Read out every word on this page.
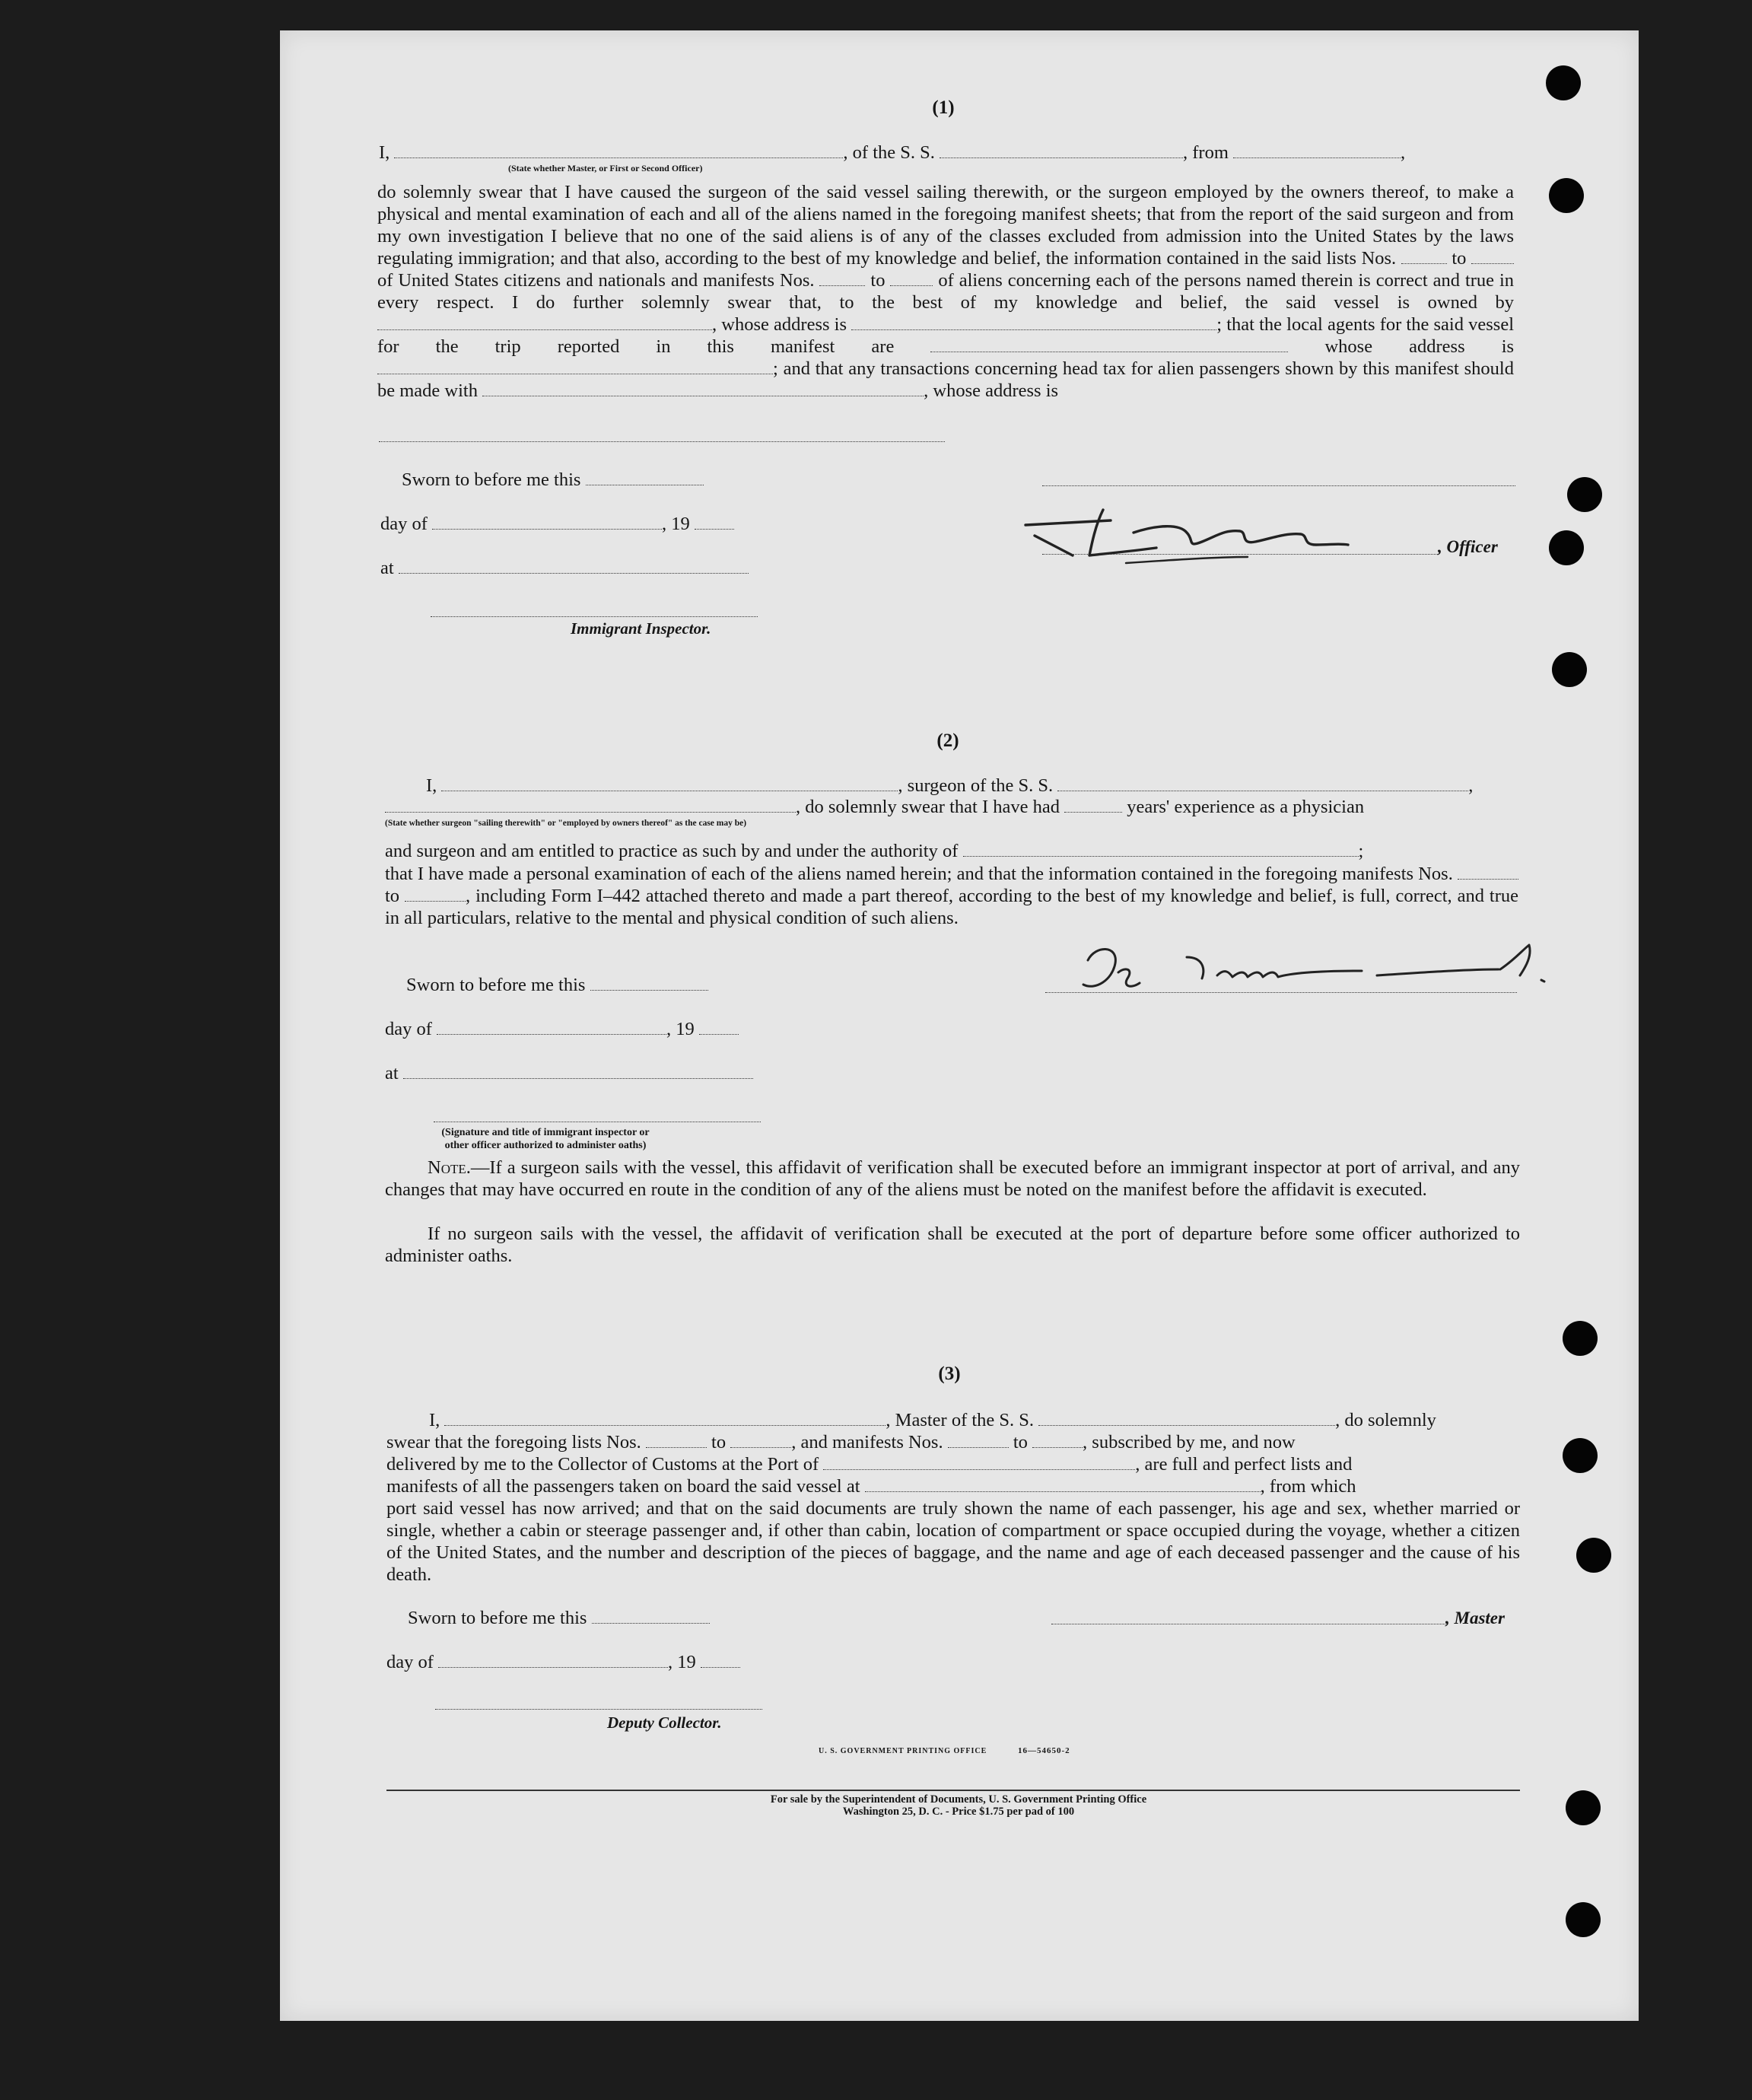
(1)
I,	, of the S. S.	, from	,
(State whether Master, or First or Second Officer)
do solemnly swear that I have caused the surgeon of the said vessel sailing therewith, or the surgeon employed by the owners thereof, to make a physical and mental examination of each and all of the aliens named in the foregoing manifest sheets; that from the report of the said surgeon and from my own investigation I believe that no one of the said aliens is of any of the classes excluded from admission into the United States by the laws regulating immigration; and that also, according to the best of my knowledge and belief, the information contained in the said lists Nos.	to  of United States citizens and nationals and manifests Nos.	to	of aliens concerning each of the persons named therein is correct and true in every respect. I do further solemnly swear that, to the best of my knowledge and belief, the said vessel is owned by , whose address is	; that the local agents for the said vessel for the trip reported in this manifest are	whose address is ; and that any transactions concerning head tax for alien passengers shown by this manifest should be made with	, whose address is
Sworn to before me this
day of	, 19
at
Immigrant Inspector.
, Officer
(2)
I,	, surgeon of the S. S.	,
, do solemnly swear that I have had	years' experience as a physician
(State whether surgeon "sailing therewith" or "employed by owners thereof" as the case may be)
and surgeon and am entitled to practice as such by and under the authority of	;
that I have made a personal examination of each of the aliens named herein; and that the information contained in the foregoing manifests Nos.  to	, including Form I–442 attached thereto and made a part thereof, according to the best of my knowledge and belief, is full, correct, and true in all particulars, relative to the mental and physical condition of such aliens.
Sworn to before me this
day of	, 19
at
(Signature and title of immigrant inspector or other officer authorized to administer oaths)
Note.—If a surgeon sails with the vessel, this affidavit of verification shall be executed before an immigrant inspector at port of arrival, and any changes that may have occurred en route in the condition of any of the aliens must be noted on the manifest before the affidavit is executed.
If no surgeon sails with the vessel, the affidavit of verification shall be executed at the port of departure before some officer authorized to administer oaths.
(3)
I,	, Master of the S. S.	, do solemnly
swear that the foregoing lists Nos.	to	, and manifests Nos.	to	, subscribed by me, and now
delivered by me to the Collector of Customs at the Port of	, are full and perfect lists and
manifests of all the passengers taken on board the said vessel at	, from which
port said vessel has now arrived; and that on the said documents are truly shown the name of each passenger, his age and sex, whether married or single, whether a cabin or steerage passenger and, if other than cabin, location of compartment or space occupied during the voyage, whether a citizen of the United States, and the number and description of the pieces of baggage, and the name and age of each deceased passenger and the cause of his death.
Sworn to before me this	, Master
day of	, 19
Deputy Collector.
U. S. GOVERNMENT PRINTING OFFICE	16—54650-2
For sale by the Superintendent of Documents, U. S. Government Printing Office
Washington 25, D. C. - Price $1.75 per pad of 100
